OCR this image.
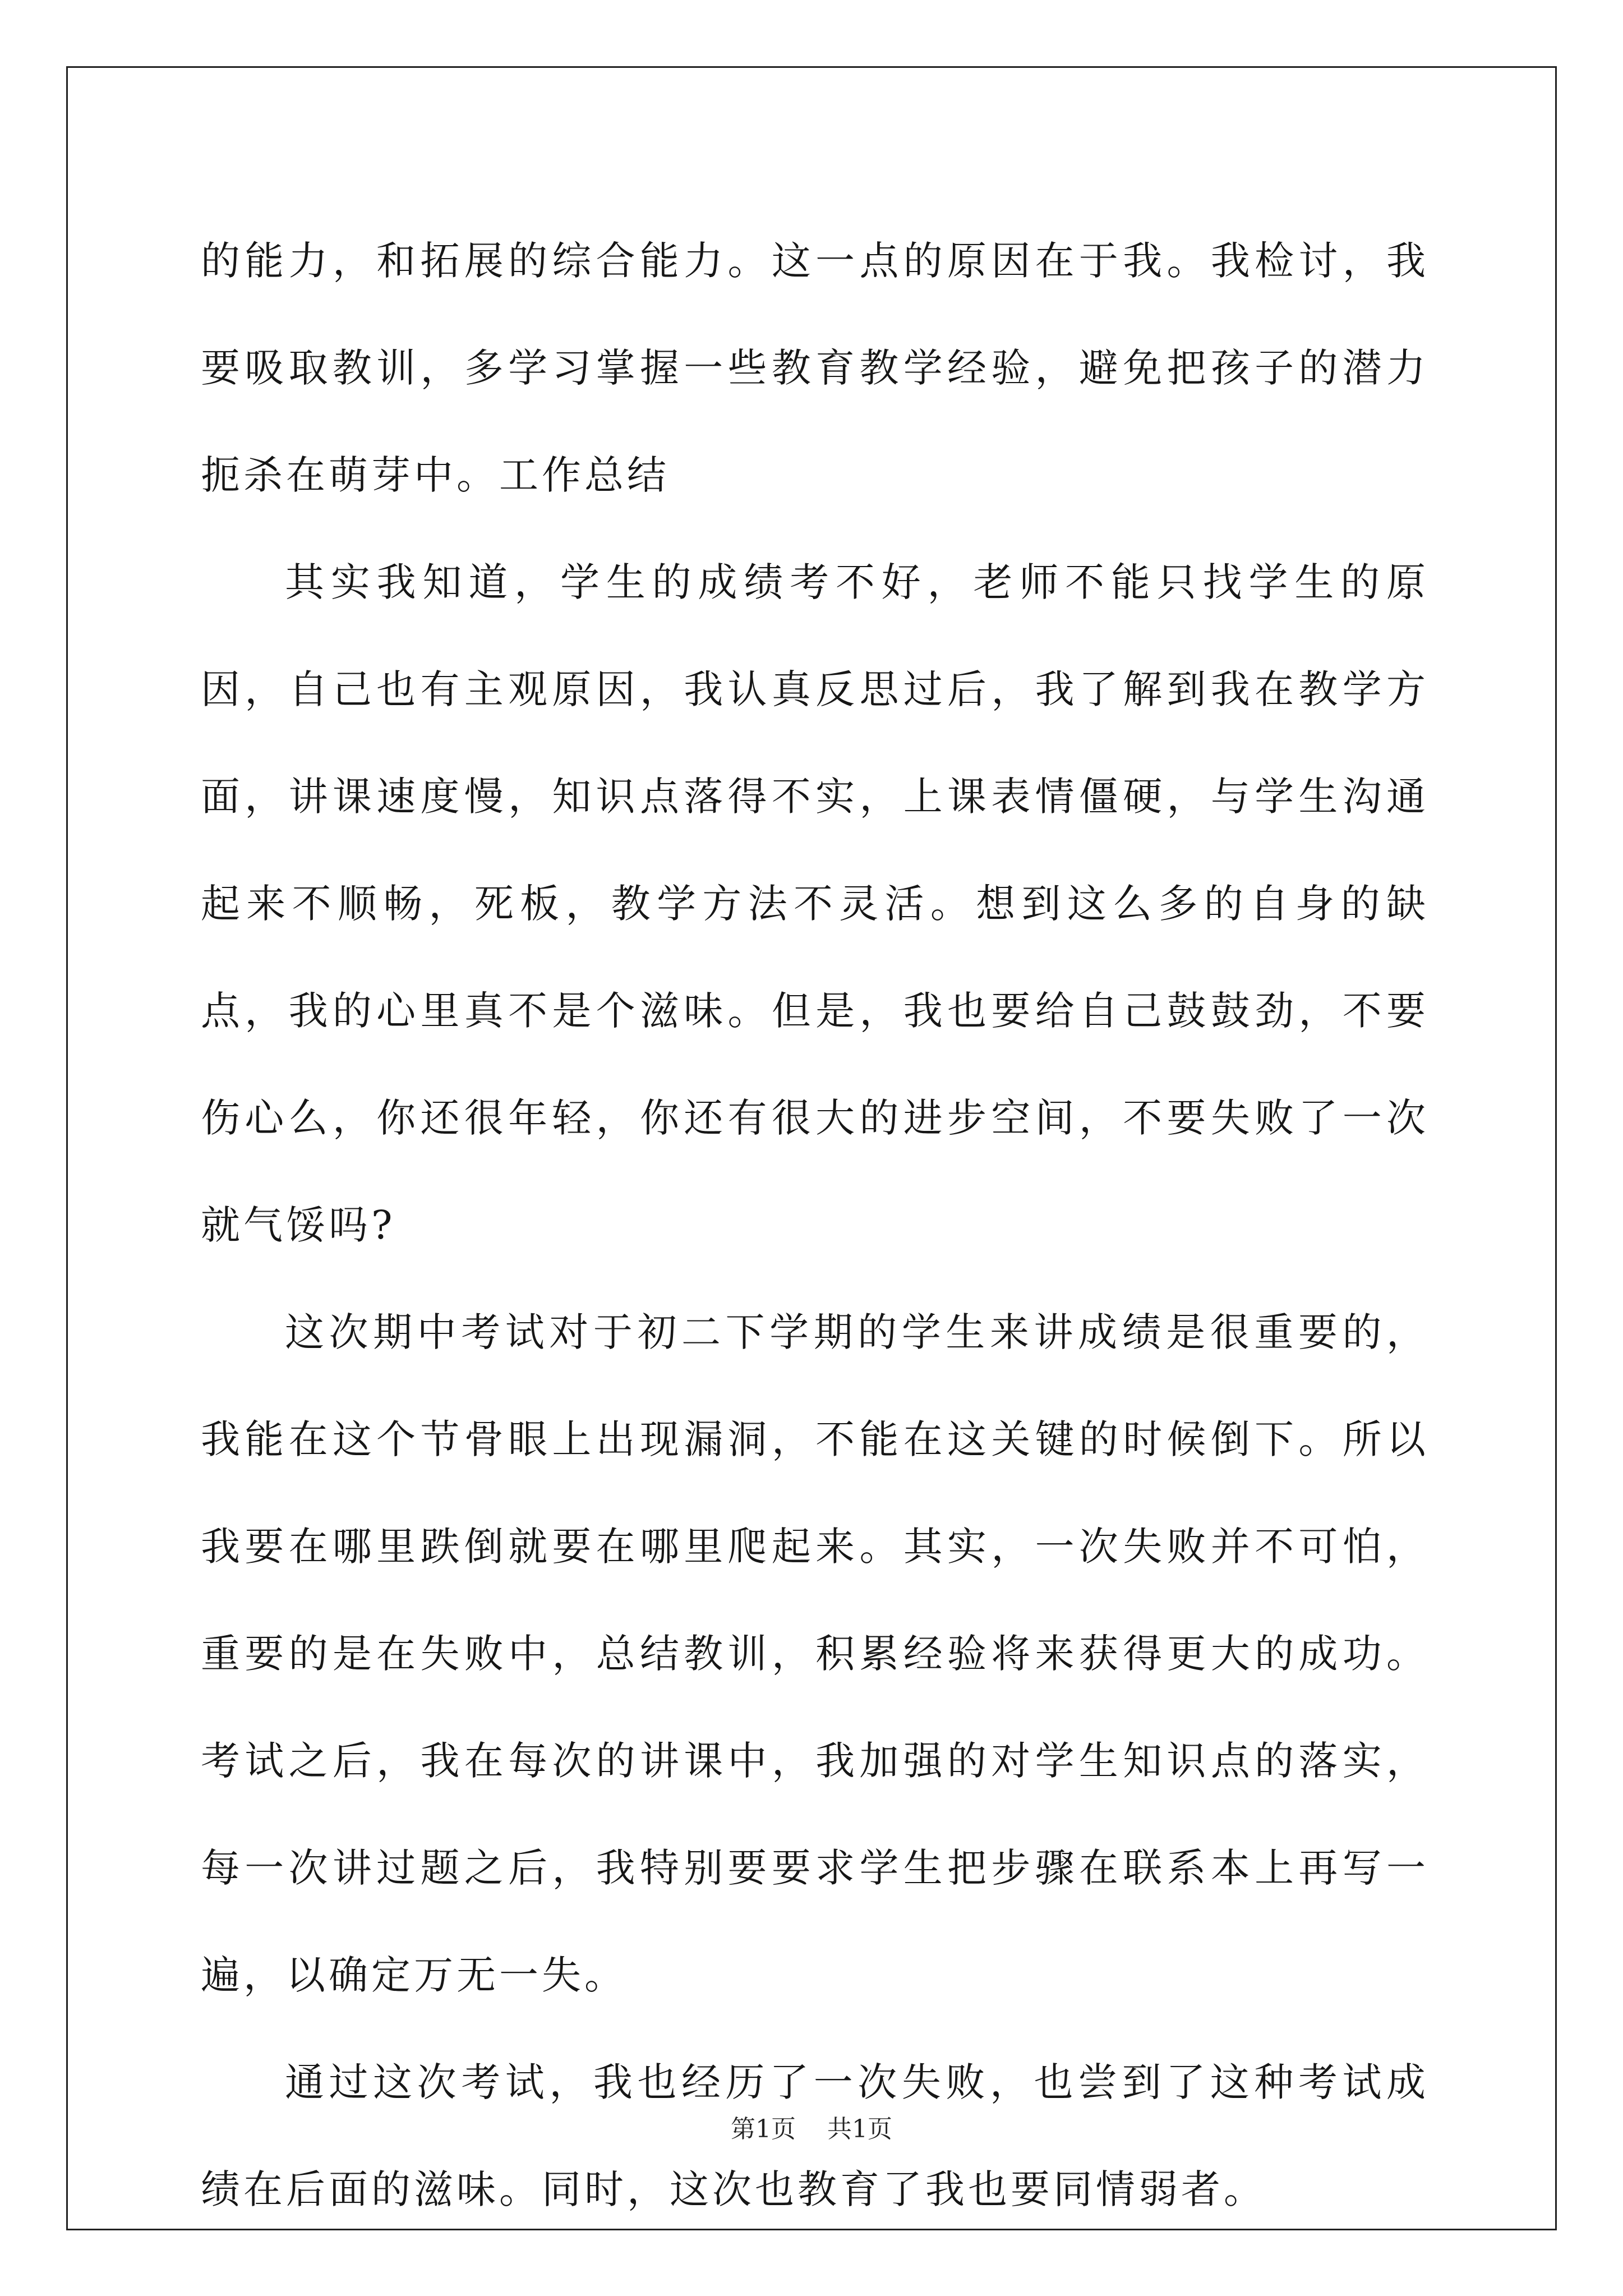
的能力，和拓展的综合能力。这一点的原因在于我。我检讨，我要吸取教训，多学习掌握一些教育教学经验，避免把孩子的潜力扼杀在萌芽中。工作总结

其实我知道，学生的成绩考不好，老师不能只找学生的原因，自己也有主观原因，我认真反思过后，我了解到我在教学方面，讲课速度慢，知识点落得不实，上课表情僵硬，与学生沟通起来不顺畅，死板，教学方法不灵活。想到这么多的自身的缺点，我的心里真不是个滋味。但是，我也要给自己鼓鼓劲，不要伤心么，你还很年轻，你还有很大的进步空间，不要失败了一次就气馁吗?

这次期中考试对于初二下学期的学生来讲成绩是很重要的，我能在这个节骨眼上出现漏洞，不能在这关键的时候倒下。所以我要在哪里跌倒就要在哪里爬起来。其实，一次失败并不可怕，重要的是在失败中，总结教训，积累经验将来获得更大的成功。考试之后，我在每次的讲课中，我加强的对学生知识点的落实，每一次讲过题之后，我特别要要求学生把步骤在联系本上再写一遍，以确定万无一失。

通过这次考试，我也经历了一次失败，也尝到了这种考试成绩在后面的滋味。同时，这次也教育了我也要同情弱者。

第1页 共1页
